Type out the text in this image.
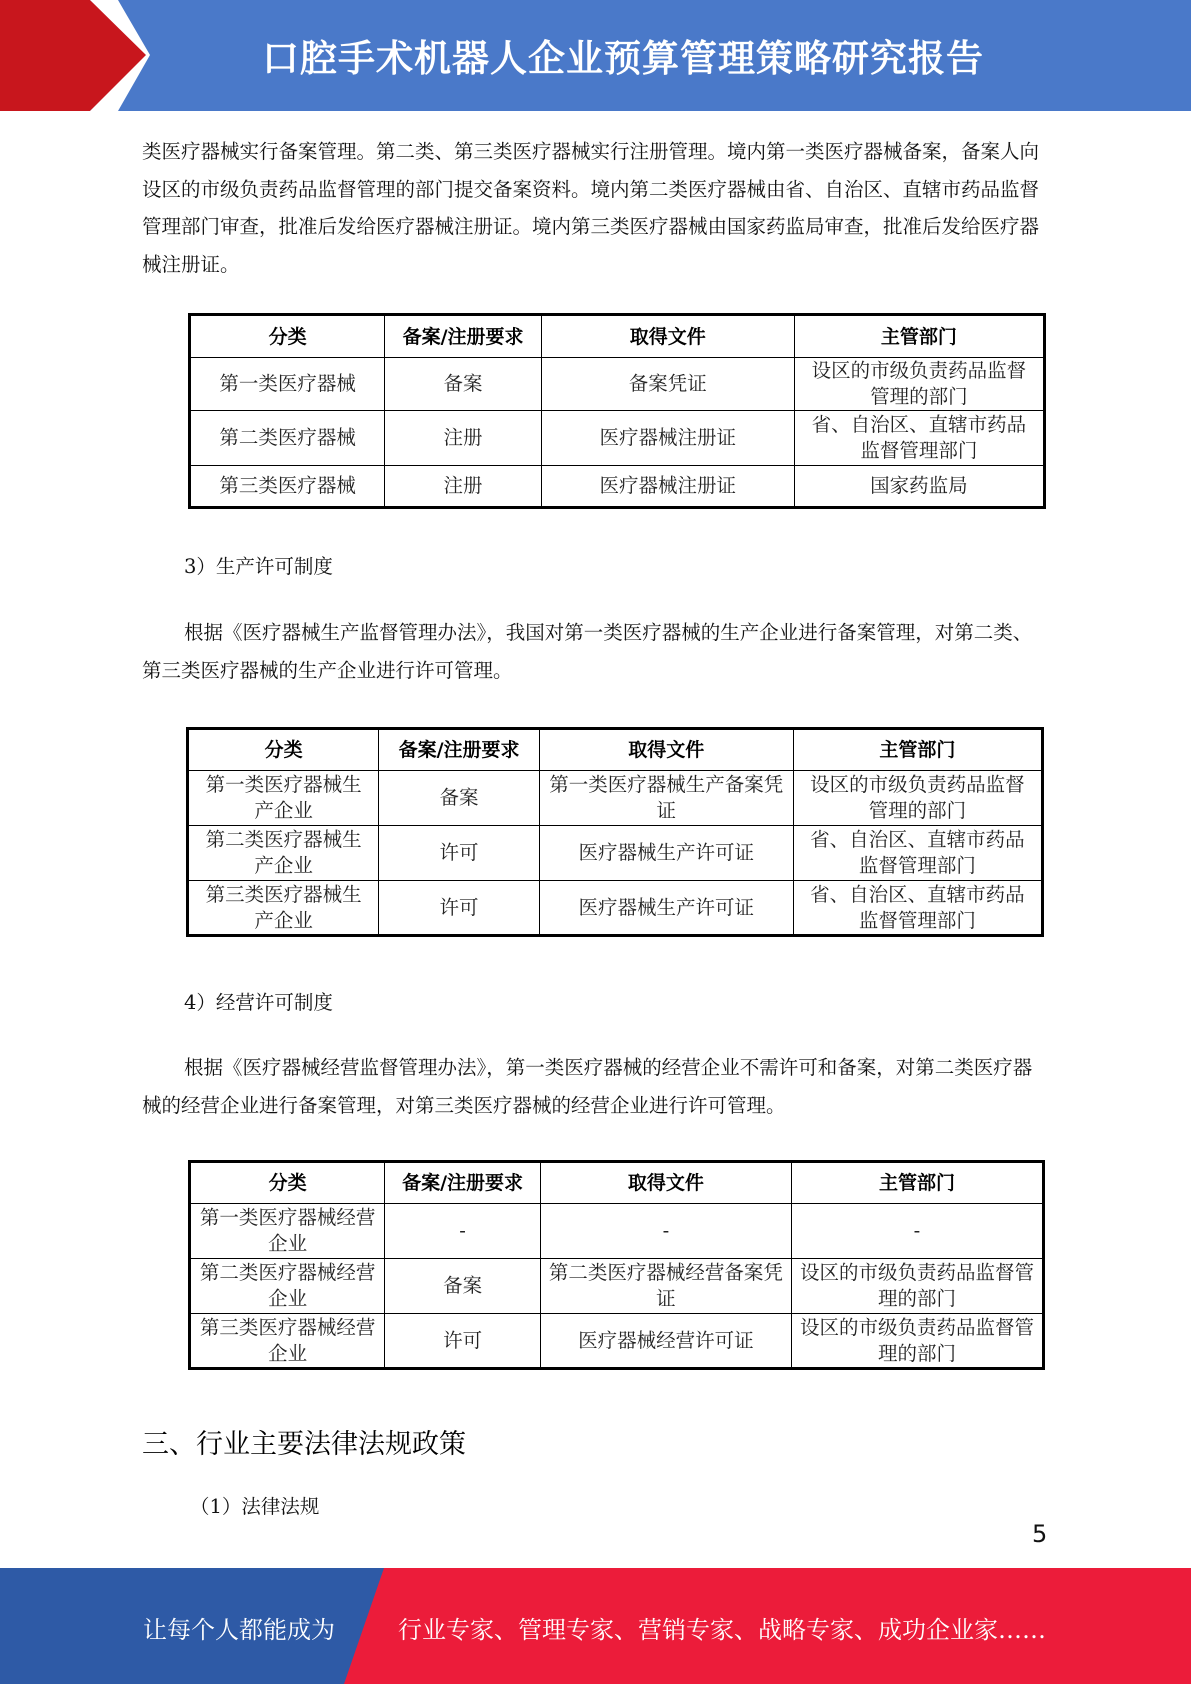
口腔手术机器人企业预算管理策略研究报告

类医疗器械实行备案管理。第二类、第三类医疗器械实行注册管理。境内第一类医疗器械备案，备案人向设区的市级负责药品监督管理的部门提交备案资料。境内第二类医疗器械由省、自治区、直辖市药品监督管理部门审查，批准后发给医疗器械注册证。境内第三类医疗器械由国家药监局审查，批准后发给医疗器械注册证。

分类	备案/注册要求	取得文件	主管部门
第一类医疗器械	备案	备案凭证	设区的市级负责药品监督管理的部门
第二类医疗器械	注册	医疗器械注册证	省、自治区、直辖市药品监督管理部门
第三类医疗器械	注册	医疗器械注册证	国家药监局
3）生产许可制度

根据《医疗器械生产监督管理办法》，我国对第一类医疗器械的生产企业进行备案管理，对第二类、第三类医疗器械的生产企业进行许可管理。

分类	备案/注册要求	取得文件	主管部门
第一类医疗器械生产企业	备案	第一类医疗器械生产备案凭证	设区的市级负责药品监督管理的部门
第二类医疗器械生产企业	许可	医疗器械生产许可证	省、自治区、直辖市药品监督管理部门
第三类医疗器械生产企业	许可	医疗器械生产许可证	省、自治区、直辖市药品监督管理部门
4）经营许可制度

根据《医疗器械经营监督管理办法》，第一类医疗器械的经营企业不需许可和备案，对第二类医疗器械的经营企业进行备案管理，对第三类医疗器械的经营企业进行许可管理。

分类	备案/注册要求	取得文件	主管部门
第一类医疗器械经营企业	-	-	-
第二类医疗器械经营企业	备案	第二类医疗器械经营备案凭证	设区的市级负责药品监督管理的部门
第三类医疗器械经营企业	许可	医疗器械经营许可证	设区的市级负责药品监督管理的部门
三、行业主要法律法规政策
（1）法律法规
5
让每个人都能成为	行业专家、管理专家、营销专家、战略专家、成功企业家……
